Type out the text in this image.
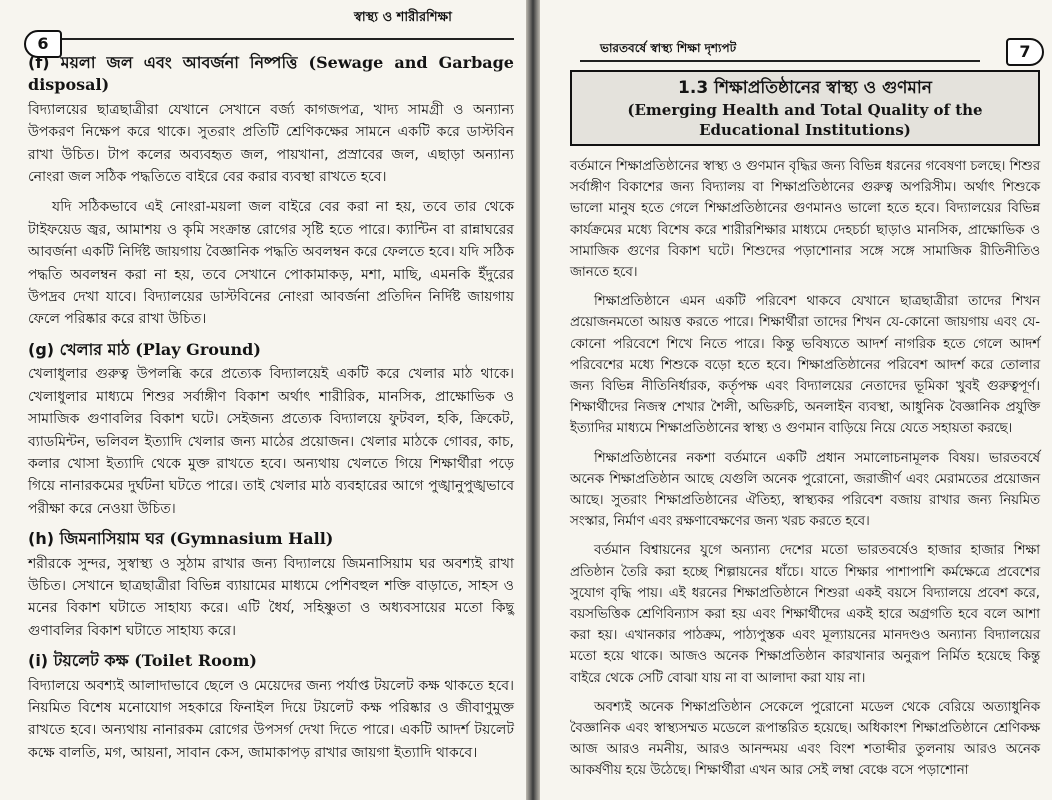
স্বাস্থ্য ও শারীরশিক্ষা
6
(f) ময়লা জল এবং আবর্জনা নিষ্পত্তি (Sewage and Garbage disposal)

বিদ্যালয়ের ছাত্রছাত্রীরা যেখানে সেখানে বর্জ্য কাগজপত্র, খাদ্য সামগ্রী ও অন্যান্য উপকরণ নিক্ষেপ করে থাকে। সুতরাং প্রতিটি শ্রেণিকক্ষের সামনে একটি করে ডাস্টবিন রাখা উচিত। টাপ কলের অব্যবহৃত জল, পায়খানা, প্রস্রাবের জল, এছাড়া অন্যান্য নোংরা জল সঠিক পদ্ধতিতে বাইরে বের করার ব্যবস্থা রাখতে হবে।

যদি সঠিকভাবে এই নোংরা-ময়লা জল বাইরে বের করা না হয়, তবে তার থেকে টাইফয়েড জ্বর, আমাশয় ও কৃমি সংক্রান্ত রোগের সৃষ্টি হতে পারে। ক্যান্টিন বা রান্নাঘরের আবর্জনা একটি নির্দিষ্ট জায়গায় বৈজ্ঞানিক পদ্ধতি অবলম্বন করে ফেলতে হবে। যদি সঠিক পদ্ধতি অবলম্বন করা না হয়, তবে সেখানে পোকামাকড়, মশা, মাছি, এমনকি ইঁদুরের উপদ্রব দেখা যাবে। বিদ্যালয়ের ডাস্টবিনের নোংরা আবর্জনা প্রতিদিন নির্দিষ্ট জায়গায় ফেলে পরিষ্কার করে রাখা উচিত।

(g) খেলার মাঠ (Play Ground)

খেলাধুলার গুরুত্ব উপলব্ধি করে প্রত্যেক বিদ্যালয়েই একটি করে খেলার মাঠ থাকে। খেলাধুলার মাধ্যমে শিশুর সর্বাঙ্গীণ বিকাশ অর্থাৎ শারীরিক, মানসিক, প্রাক্ষোভিক ও সামাজিক গুণাবলির বিকাশ ঘটে। সেইজন্য প্রত্যেক বিদ্যালয়ে ফুটবল, হকি, ক্রিকেট, ব্যাডমিন্টন, ভলিবল ইত্যাদি খেলার জন্য মাঠের প্রয়োজন। খেলার মাঠকে গোবর, কাচ, কলার খোসা ইত্যাদি থেকে মুক্ত রাখতে হবে। অন্যথায় খেলতে গিয়ে শিক্ষার্থীরা পড়ে গিয়ে নানারকমের দুর্ঘটনা ঘটতে পারে। তাই খেলার মাঠ ব্যবহারের আগে পুঙ্খানুপুঙ্খভাবে পরীক্ষা করে নেওয়া উচিত।

(h) জিমনাসিয়াম ঘর (Gymnasium Hall)

শরীরকে সুন্দর, সুস্বাস্থ্য ও সুঠাম রাখার জন্য বিদ্যালয়ে জিমনাসিয়াম ঘর অবশ্যই রাখা উচিত। সেখানে ছাত্রছাত্রীরা বিভিন্ন ব্যায়ামের মাধ্যমে পেশিবহুল শক্তি বাড়াতে, সাহস ও মনের বিকাশ ঘটাতে সাহায্য করে। এটি ধৈর্য, সহিষ্ণুতা ও অধ্যবসায়ের মতো কিছু গুণাবলির বিকাশ ঘটাতে সাহায্য করে।

(i) টয়লেট কক্ষ (Toilet Room)

বিদ্যালয়ে অবশ্যই আলাদাভাবে ছেলে ও মেয়েদের জন্য পর্যাপ্ত টয়লেট কক্ষ থাকতে হবে। নিয়মিত বিশেষ মনোযোগ সহকারে ফিনাইল দিয়ে টয়লেট কক্ষ পরিষ্কার ও জীবাণুমুক্ত রাখতে হবে। অন্যথায় নানারকম রোগের উপসর্গ দেখা দিতে পারে। একটি আদর্শ টয়লেট কক্ষে বালতি, মগ, আয়না, সাবান কেস, জামাকাপড় রাখার জায়গা ইত্যাদি থাকবে।

ভারতবর্ষে স্বাস্থ্য শিক্ষা দৃশ্যপট	7
1.3 শিক্ষাপ্রতিষ্ঠানের স্বাস্থ্য ও গুণমান
(Emerging Health and Total Quality of the Educational Institutions)

বর্তমানে শিক্ষাপ্রতিষ্ঠানের স্বাস্থ্য ও গুণমান বৃদ্ধির জন্য বিভিন্ন ধরনের গবেষণা চলছে। শিশুর সর্বাঙ্গীণ বিকাশের জন্য বিদ্যালয় বা শিক্ষাপ্রতিষ্ঠানের গুরুত্ব অপরিসীম। অর্থাৎ শিশুকে ভালো মানুষ হতে গেলে শিক্ষাপ্রতিষ্ঠানের গুণমানও ভালো হতে হবে। বিদ্যালয়ের বিভিন্ন কার্যক্রমের মধ্যে বিশেষ করে শারীরশিক্ষার মাধ্যমে দেহচর্চা ছাড়াও মানসিক, প্রাক্ষোভিক ও সামাজিক গুণের বিকাশ ঘটে। শিশুদের পড়াশোনার সঙ্গে সঙ্গে সামাজিক রীতিনীতিও জানতে হবে।

শিক্ষাপ্রতিষ্ঠানে এমন একটি পরিবেশ থাকবে যেখানে ছাত্রছাত্রীরা তাদের শিখন প্রয়োজনমতো আয়ত্ত করতে পারে। শিক্ষার্থীরা তাদের শিখন যে-কোনো জায়গায় এবং যে-কোনো পরিবেশে শিখে নিতে পারে। কিন্তু ভবিষ্যতে আদর্শ নাগরিক হতে গেলে আদর্শ পরিবেশের মধ্যে শিশুকে বড়ো হতে হবে। শিক্ষাপ্রতিষ্ঠানের পরিবেশ আদর্শ করে তোলার জন্য বিভিন্ন নীতিনির্ধারক, কর্তৃপক্ষ এবং বিদ্যালয়ের নেতাদের ভূমিকা খুবই গুরুত্বপূর্ণ। শিক্ষার্থীদের নিজস্ব শেখার শৈলী, অভিরুচি, অনলাইন ব্যবস্থা, আধুনিক বৈজ্ঞানিক প্রযুক্তি ইত্যাদির মাধ্যমে শিক্ষাপ্রতিষ্ঠানের স্বাস্থ্য ও গুণমান বাড়িয়ে নিয়ে যেতে সহায়তা করছে।

শিক্ষাপ্রতিষ্ঠানের নকশা বর্তমানে একটি প্রধান সমালোচনামূলক বিষয়। ভারতবর্ষে অনেক শিক্ষাপ্রতিষ্ঠান আছে যেগুলি অনেক পুরোনো, জরাজীর্ণ এবং মেরামতের প্রয়োজন আছে। সুতরাং শিক্ষাপ্রতিষ্ঠানের ঐতিহ্য, স্বাস্থ্যকর পরিবেশ বজায় রাখার জন্য নিয়মিত সংস্কার, নির্মাণ এবং রক্ষণাবেক্ষণের জন্য খরচ করতে হবে।

বর্তমান বিশ্বায়নের যুগে অন্যান্য দেশের মতো ভারতবর্ষেও হাজার হাজার শিক্ষা প্রতিষ্ঠান তৈরি করা হচ্ছে শিল্পায়নের ধাঁচে। যাতে শিক্ষার পাশাপাশি কর্মক্ষেত্রে প্রবেশের সুযোগ বৃদ্ধি পায়। এই ধরনের শিক্ষাপ্রতিষ্ঠানে শিশুরা একই বয়সে বিদ্যালয়ে প্রবেশ করে, বয়সভিত্তিক শ্রেণিবিন্যাস করা হয় এবং শিক্ষার্থীদের একই হারে অগ্রগতি হবে বলে আশা করা হয়। এখানকার পাঠক্রম, পাঠ্যপুস্তক এবং মূল্যায়নের মানদণ্ডও অন্যান্য বিদ্যালয়ের মতো হয়ে থাকে। আজও অনেক শিক্ষাপ্রতিষ্ঠান কারখানার অনুরূপ নির্মিত হয়েছে কিন্তু বাইরে থেকে সেটি বোঝা যায় না বা আলাদা করা যায় না।

অবশ্যই অনেক শিক্ষাপ্রতিষ্ঠান সেকেলে পুরোনো মডেল থেকে বেরিয়ে অত্যাধুনিক বৈজ্ঞানিক এবং স্বাস্থ্যসম্মত মডেলে রূপান্তরিত হয়েছে। অধিকাংশ শিক্ষাপ্রতিষ্ঠানে শ্রেণিকক্ষ আজ আরও নমনীয়, আরও আনন্দময় এবং বিংশ শতাব্দীর তুলনায় আরও অনেক আকর্ষণীয় হয়ে উঠেছে। শিক্ষার্থীরা এখন আর সেই লম্বা বেঞ্চে বসে পড়াশোনা
